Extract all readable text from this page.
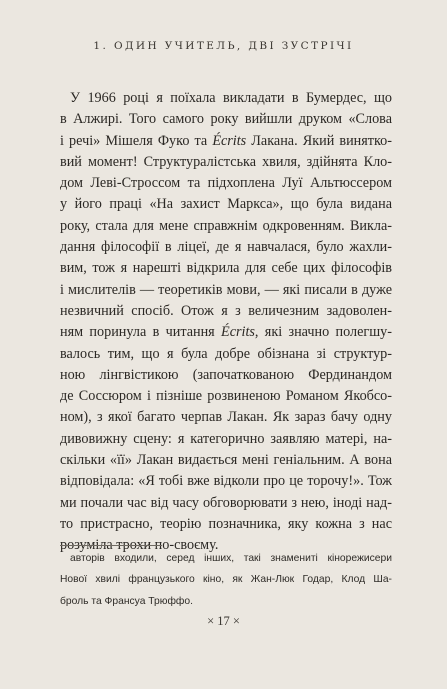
1. ОДИН УЧИТЕЛЬ, ДВІ ЗУСТРІЧІ
У 1966 році я поїхала викладати в Бумердес, що
в Алжирі. Того самого року вийшли друком «Слова
і речі» Мішеля Фуко та Écrits Лакана. Який винятко-
вий момент! Структуралістська хвиля, здійнята Кло-
дом Леві-Строссом та підхоплена Луї Альтюссером
у його праці «На захист Маркса», що була видана
року, стала для мене справжнім одкровенням. Викла-
дання філософії в ліцеї, де я навчалася, було жахли-
вим, тож я нарешті відкрила для себе цих філософів
і мислителів — теоретиків мови, — які писали в дуже
незвичний спосіб. Отож я з величезним задоволен-
ням поринула в читання Écrits, які значно полегшу-
валось тим, що я була добре обізнана зі структур-
ною лінгвістикою (започаткованою Фердинандом
де Соссюром і пізніше розвиненою Романом Якобсо-
ном), з якої багато черпав Лакан. Як зараз бачу одну
дивовижну сцену: я категорично заявляю матері, на-
скільки «її» Лакан видається мені геніальним. А вона
відповідала: «Я тобі вже відколи про це торочу!». Тож
ми почали час від часу обговорювати з нею, іноді над-
то пристрасно, теорію позначника, яку кожна з нас
розуміла трохи по-своєму.
авторів входили, серед інших, такі знамениті кінорежисери
Нової хвилі французького кіно, як Жан-Люк Годар, Клод Ша-
броль та Франсуа Трюффо.
× 17 ×
